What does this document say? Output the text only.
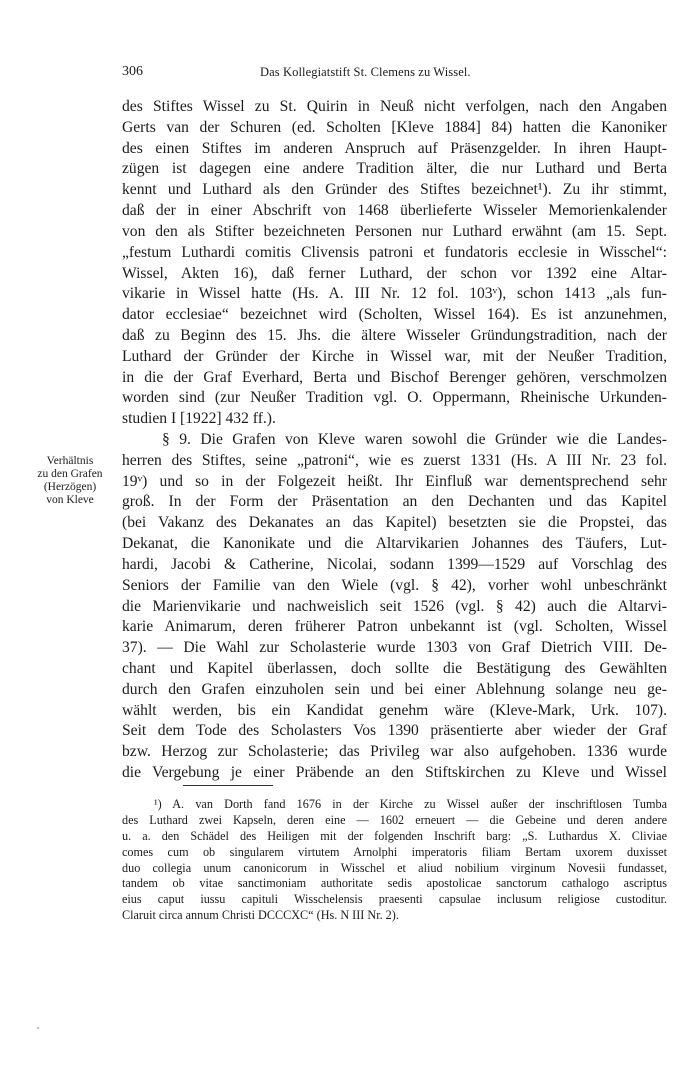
306	Das Kollegiatstift St. Clemens zu Wissel.
des Stiftes Wissel zu St. Quirin in Neuß nicht verfolgen, nach den Angaben
Gerts van der Schuren (ed. Scholten [Kleve 1884] 84) hatten die Kanoniker
des einen Stiftes im anderen Anspruch auf Präsenzgelder. In ihren Haupt-
zügen ist dagegen eine andere Tradition älter, die nur Luthard und Berta
kennt und Luthard als den Gründer des Stiftes bezeichnet¹). Zu ihr stimmt,
daß der in einer Abschrift von 1468 überlieferte Wisseler Memorienkalender
von den als Stifter bezeichneten Personen nur Luthard erwähnt (am 15. Sept.
„festum Luthardi comitis Clivensis patroni et fundatoris ecclesie in Wisschel“:
Wissel, Akten 16), daß ferner Luthard, der schon vor 1392 eine Altar-
vikarie in Wissel hatte (Hs. A. III Nr. 12 fol. 103ᵛ), schon 1413 „als fun-
dator ecclesiae“ bezeichnet wird (Scholten, Wissel 164). Es ist anzunehmen,
daß zu Beginn des 15. Jhs. die ältere Wisseler Gründungstradition, nach der
Luthard der Gründer der Kirche in Wissel war, mit der Neußer Tradition,
in die der Graf Everhard, Berta und Bischof Berenger gehören, verschmolzen
worden sind (zur Neußer Tradition vgl. O. Oppermann, Rheinische Urkunden-
studien I [1922] 432 ff.).
§ 9. Die Grafen von Kleve waren sowohl die Gründer wie die Landes-
herren des Stiftes, seine „patroni“, wie es zuerst 1331 (Hs. A III Nr. 23 fol.
19ᵛ) und so in der Folgezeit heißt. Ihr Einfluß war dementsprechend sehr
groß. In der Form der Präsentation an den Dechanten und das Kapitel
(bei Vakanz des Dekanates an das Kapitel) besetzten sie die Propstei, das
Dekanat, die Kanonikate und die Altarvikarien Johannes des Täufers, Lut-
hardi, Jacobi & Catherine, Nicolai, sodann 1399—1529 auf Vorschlag des
Seniors der Familie van den Wiele (vgl. § 42), vorher wohl unbeschränkt
die Marienvikarie und nachweislich seit 1526 (vgl. § 42) auch die Altarvi-
karie Animarum, deren früherer Patron unbekannt ist (vgl. Scholten, Wissel
37). — Die Wahl zur Scholasterie wurde 1303 von Graf Dietrich VIII. De-
chant und Kapitel überlassen, doch sollte die Bestätigung des Gewählten
durch den Grafen einzuholen sein und bei einer Ablehnung solange neu ge-
wählt werden, bis ein Kandidat genehm wäre (Kleve-Mark, Urk. 107).
Seit dem Tode des Scholasters Vos 1390 präsentierte aber wieder der Graf
bzw. Herzog zur Scholasterie; das Privileg war also aufgehoben. 1336 wurde
die Vergebung je einer Präbende an den Stiftskirchen zu Kleve und Wissel
Verhältnis
zu den Grafen
(Herzögen)
von Kleve
¹) A. van Dorth fand 1676 in der Kirche zu Wissel außer der inschriftlosen Tumba
des Luthard zwei Kapseln, deren eine — 1602 erneuert — die Gebeine und deren andere
u. a. den Schädel des Heiligen mit der folgenden Inschrift barg: „S. Luthardus X. Cliviae
comes cum ob singularem virtutem Arnolphi imperatoris filiam Bertam uxorem duxisset
duo collegia unum canonicorum in Wisschel et aliud nobilium virginum Novesii fundasset,
tandem ob vitae sanctimoniam authoritate sedis apostolicae sanctorum cathalogo ascriptus
eius caput iussu capituli Wisschelensis praesenti capsulae inclusum religiose custoditur.
Claruit circa annum Christi DCCCXC“ (Hs. N III Nr. 2).
